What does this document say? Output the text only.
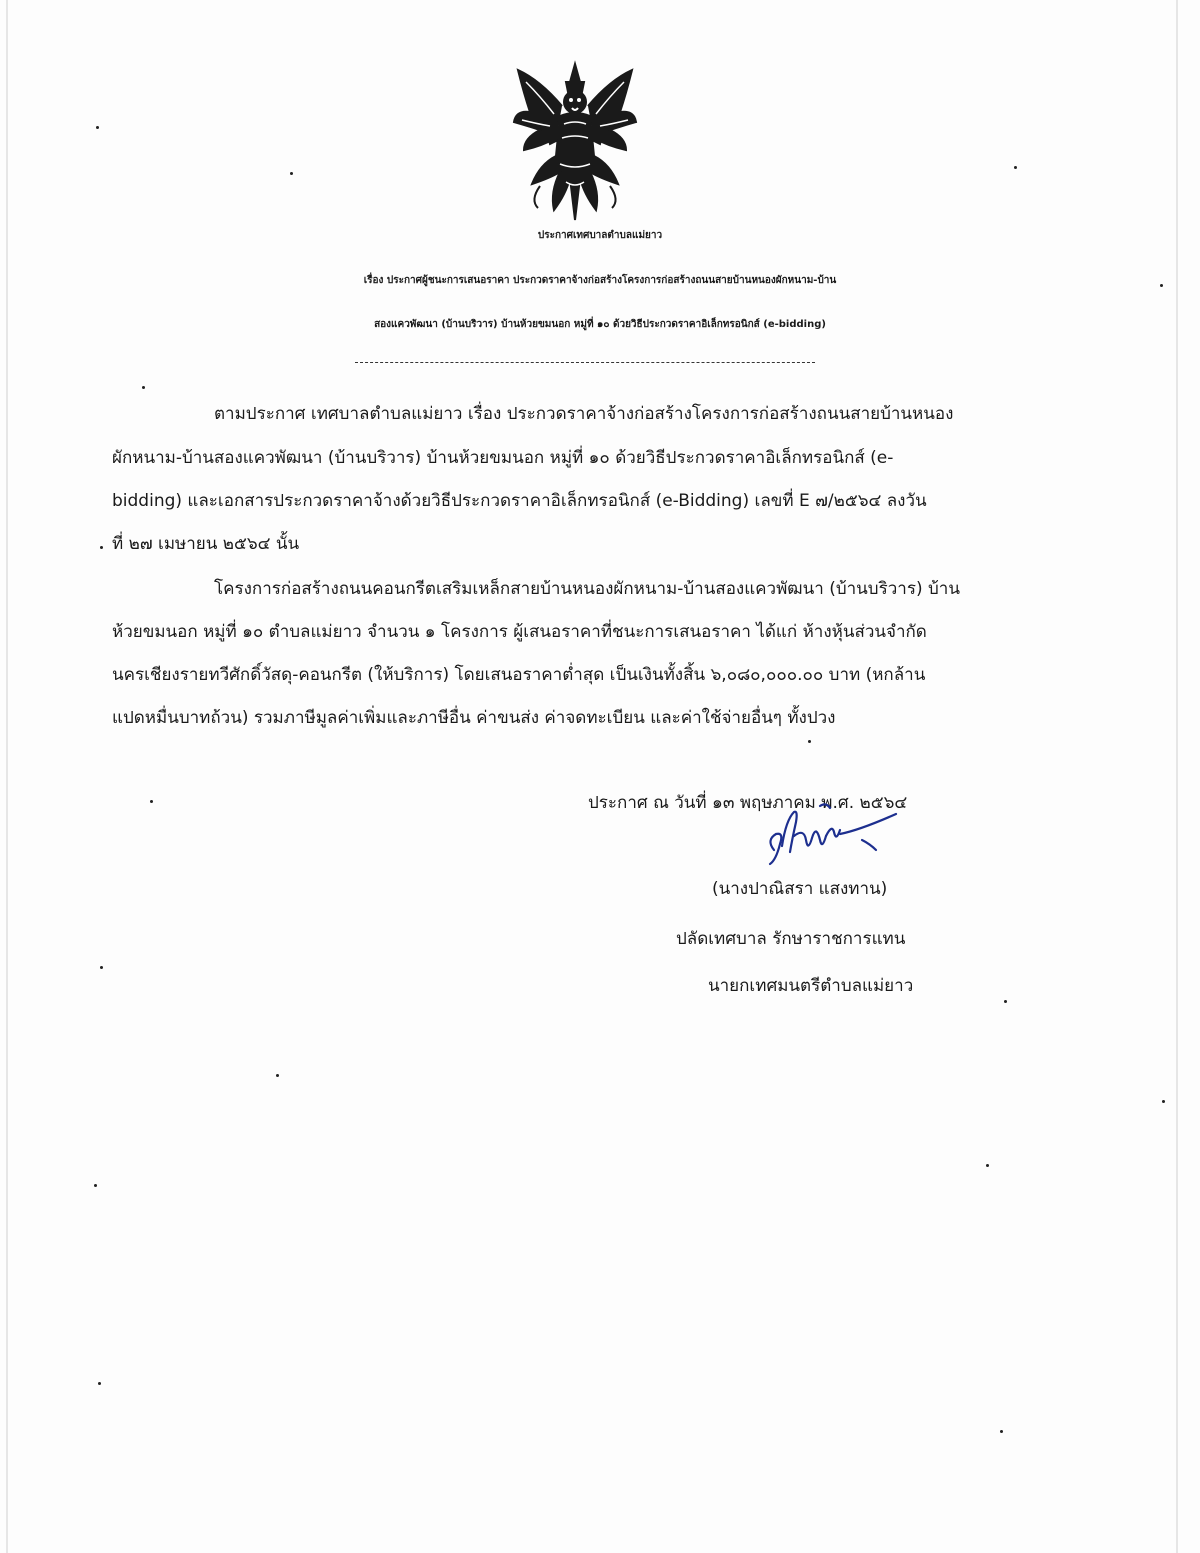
ประกาศเทศบาลตำบลแม่ยาว
เรื่อง ประกาศผู้ชนะการเสนอราคา ประกวดราคาจ้างก่อสร้างโครงการก่อสร้างถนนสายบ้านหนองผักหนาม-บ้าน
สองแควพัฒนา (บ้านบริวาร) บ้านห้วยขมนอก หมู่ที่ ๑๐ ด้วยวิธีประกวดราคาอิเล็กทรอนิกส์ (e-bidding)
ตามประกาศ เทศบาลตำบลแม่ยาว เรื่อง ประกวดราคาจ้างก่อสร้างโครงการก่อสร้างถนนสายบ้านหนอง
ผักหนาม-บ้านสองแควพัฒนา (บ้านบริวาร) บ้านห้วยขมนอก หมู่ที่ ๑๐ ด้วยวิธีประกวดราคาอิเล็กทรอนิกส์ (e-
bidding) และเอกสารประกวดราคาจ้างด้วยวิธีประกวดราคาอิเล็กทรอนิกส์ (e-Bidding) เลขที่ E ๗/๒๕๖๔ ลงวัน
ที่ ๒๗ เมษายน ๒๕๖๔ นั้น
โครงการก่อสร้างถนนคอนกรีตเสริมเหล็กสายบ้านหนองผักหนาม-บ้านสองแควพัฒนา (บ้านบริวาร) บ้าน
ห้วยขมนอก หมู่ที่ ๑๐ ตำบลแม่ยาว จำนวน ๑ โครงการ ผู้เสนอราคาที่ชนะการเสนอราคา ได้แก่ ห้างหุ้นส่วนจำกัด
นครเชียงรายทวีศักดิ์วัสดุ-คอนกรีต (ให้บริการ) โดยเสนอราคาต่ำสุด เป็นเงินทั้งสิ้น ๖,๐๘๐,๐๐๐.๐๐ บาท (หกล้าน
แปดหมื่นบาทถ้วน) รวมภาษีมูลค่าเพิ่มและภาษีอื่น ค่าขนส่ง ค่าจดทะเบียน และค่าใช้จ่ายอื่นๆ ทั้งปวง
ประกาศ ณ วันที่ ๑๓ พฤษภาคม พ.ศ. ๒๕๖๔
(นางปาณิสรา แสงทาน)
ปลัดเทศบาล รักษาราชการแทน
นายกเทศมนตรีตำบลแม่ยาว
